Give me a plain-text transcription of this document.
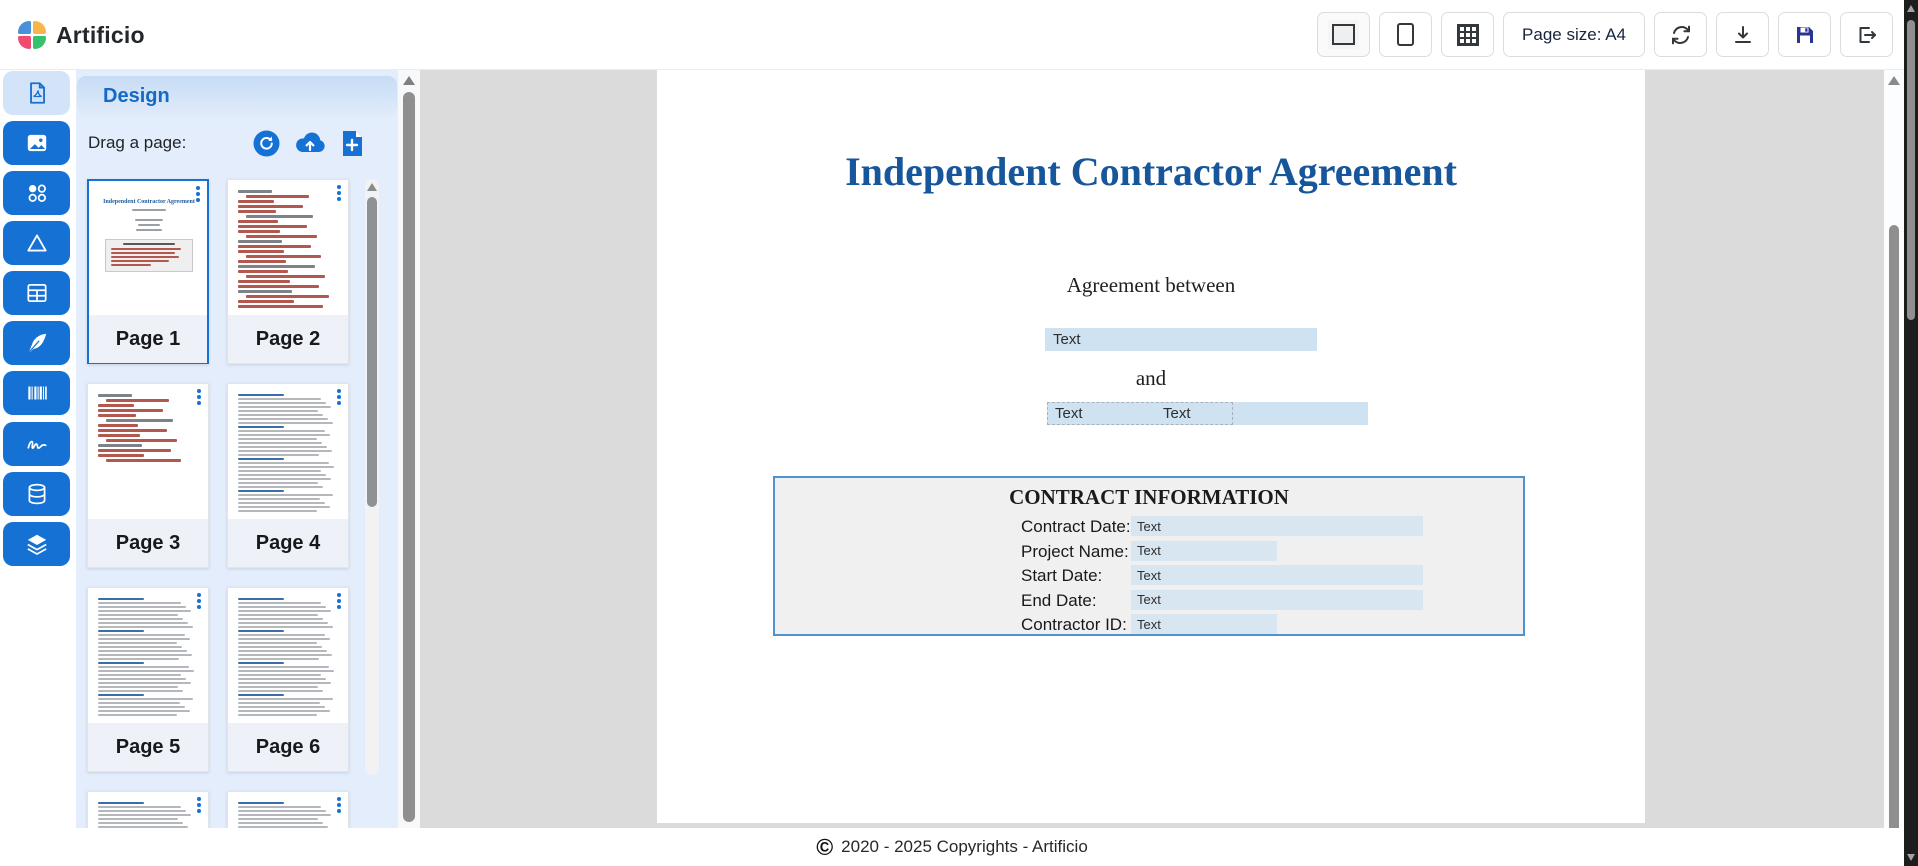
Artificio	Page size: A4
Design
Drag a page:
Independent Contractor Agreement
Page 1	Page 2
Page 3	Page 4
Page 5	Page 6
Independent Contractor Agreement
Agreement between
Text
and
Text	Text
CONTRACT INFORMATION
Contract Date: Text
Project Name: Text
Start Date:	Text
End Date:	Text
Contractor ID: Text
© 2020 - 2025 Copyrights - Artificio
